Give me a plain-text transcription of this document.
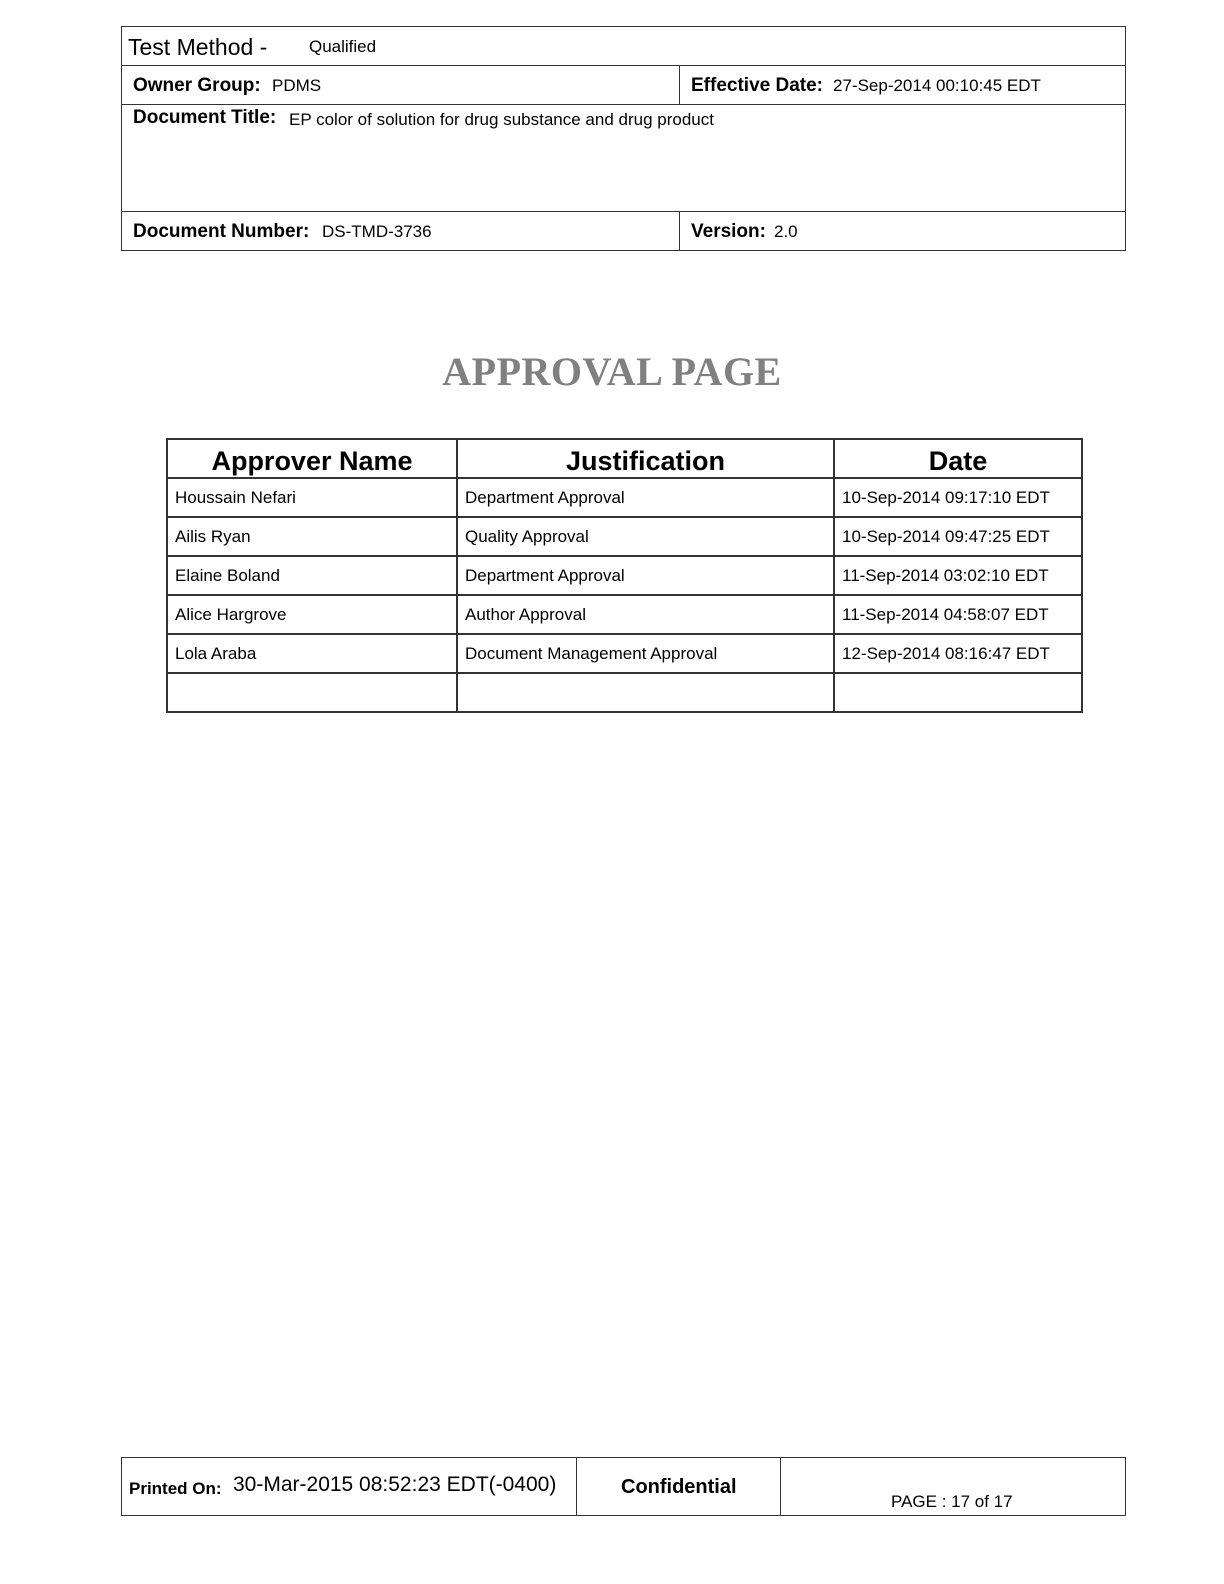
Test Method - Qualified
Owner Group: PDMS	Effective Date: 27-Sep-2014 00:10:45 EDT
Document Title: EP color of solution for drug substance and drug product
Document Number: DS-TMD-3736	Version: 2.0
APPROVAL PAGE
Approver Name	Justification	Date
Houssain Nefari	Department Approval	10-Sep-2014 09:17:10 EDT
Ailis Ryan	Quality Approval	10-Sep-2014 09:47:25 EDT
Elaine Boland	Department Approval	11-Sep-2014 03:02:10 EDT
Alice Hargrove	Author Approval	11-Sep-2014 04:58:07 EDT
Lola Araba	Document Management Approval	12-Sep-2014 08:16:47 EDT

Printed On: 30-Mar-2015 08:52:23 EDT(-0400)	Confidential
PAGE : 17 of 17
